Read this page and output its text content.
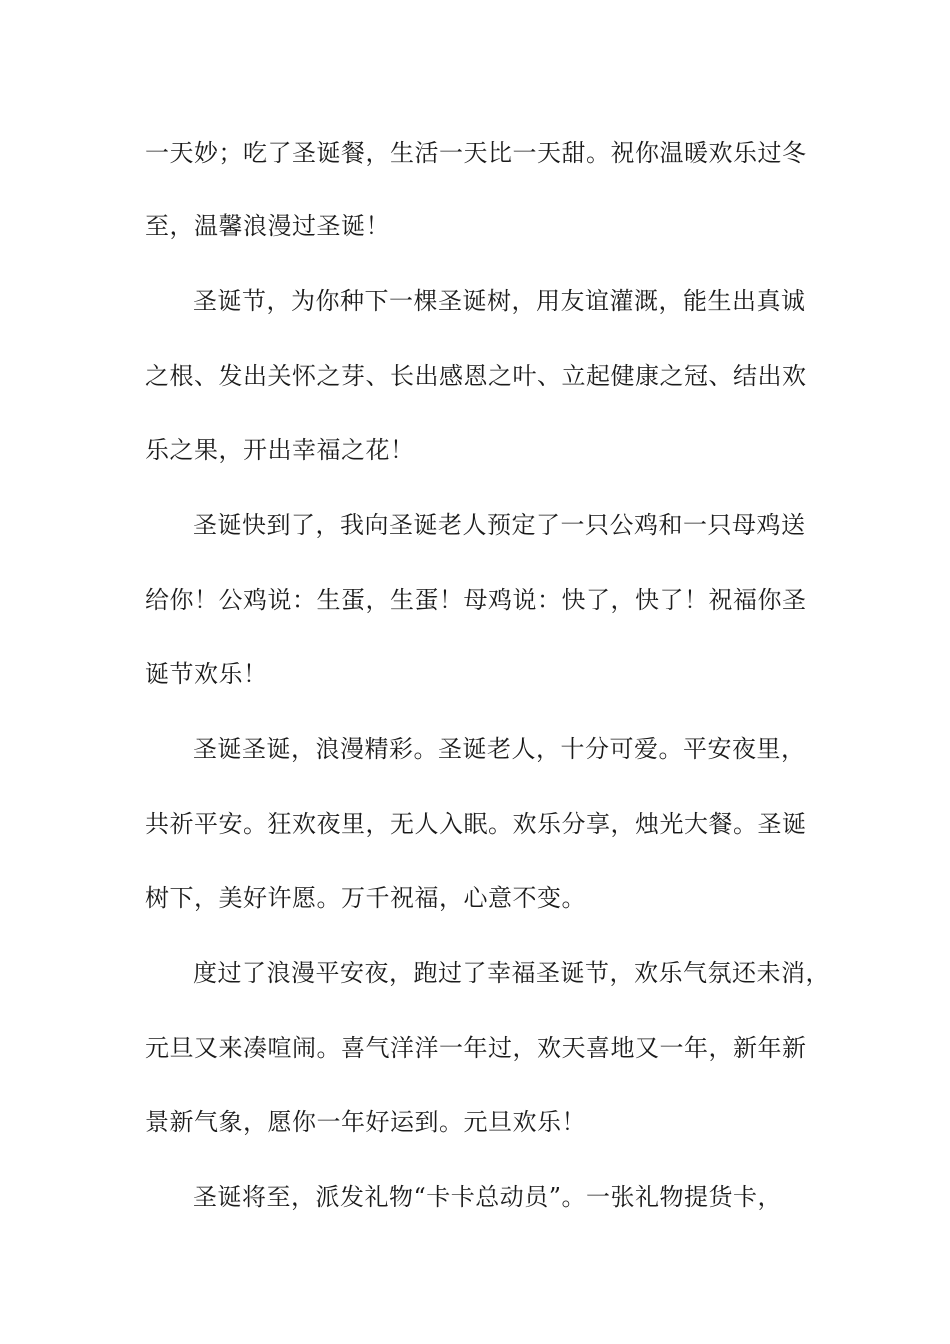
一天妙；吃了圣诞餐，生活一天比一天甜。祝你温暖欢乐过冬
至，温馨浪漫过圣诞！
圣诞节，为你种下一棵圣诞树，用友谊灌溉，能生出真诚
之根、发出关怀之芽、长出感恩之叶、立起健康之冠、结出欢
乐之果，开出幸福之花！
圣诞快到了，我向圣诞老人预定了一只公鸡和一只母鸡送
给你！公鸡说：生蛋，生蛋！母鸡说：快了，快了！祝福你圣
诞节欢乐！
圣诞圣诞，浪漫精彩。圣诞老人，十分可爱。平安夜里，
共祈平安。狂欢夜里，无人入眠。欢乐分享，烛光大餐。圣诞
树下，美好许愿。万千祝福，心意不变。
度过了浪漫平安夜，跑过了幸福圣诞节，欢乐气氛还未消，
元旦又来凑喧闹。喜气洋洋一年过，欢天喜地又一年，新年新
景新气象，愿你一年好运到。元旦欢乐！
圣诞将至，派发礼物“卡卡总动员”。一张礼物提货卡，
